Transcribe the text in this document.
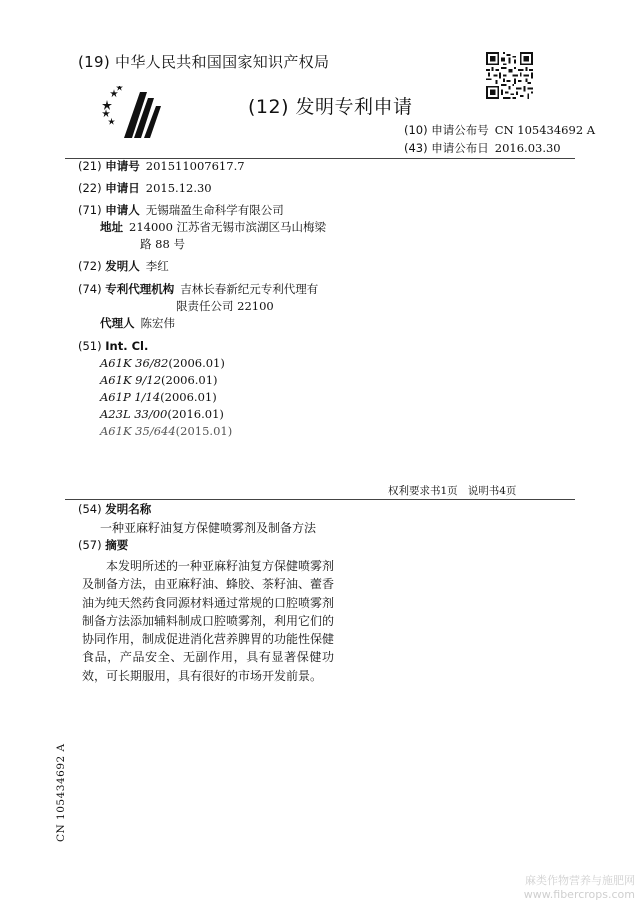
(19) 中华人民共和国国家知识产权局
(12) 发明专利申请
(10) 申请公布号 CN 105434692 A
(43) 申请公布日 2016.03.30
(21) 申请号 201511007617.7
(22) 申请日 2015.12.30
(71) 申请人 无锡瑞盈生命科学有限公司
地址 214000 江苏省无锡市滨湖区马山梅梁
路 88 号
(72) 发明人 李红
(74) 专利代理机构 吉林长春新纪元专利代理有
限责任公司 22100
代理人 陈宏伟
(51) Int. Cl.
A61K 36/82(2006.01)
A61K 9/12(2006.01)
A61P 1/14(2006.01)
A23L 33/00(2016.01)
A61K 35/644(2015.01)
权利要求书1页   说明书4页
(54) 发明名称
一种亚麻籽油复方保健喷雾剂及制备方法
(57) 摘要
本发明所述的一种亚麻籽油复方保健喷雾剂及制备方法，由亚麻籽油、蜂胶、茶籽油、藿香油为纯天然药食同源材料通过常规的口腔喷雾剂制备方法添加辅料制成口腔喷雾剂，利用它们的协同作用，制成促进消化营养脾胃的功能性保健食品，产品安全、无副作用，具有显著保健功效，可长期服用，具有很好的市场开发前景。
CN 105434692 A
麻类作物营养与施肥网
www.fibercrops.com
